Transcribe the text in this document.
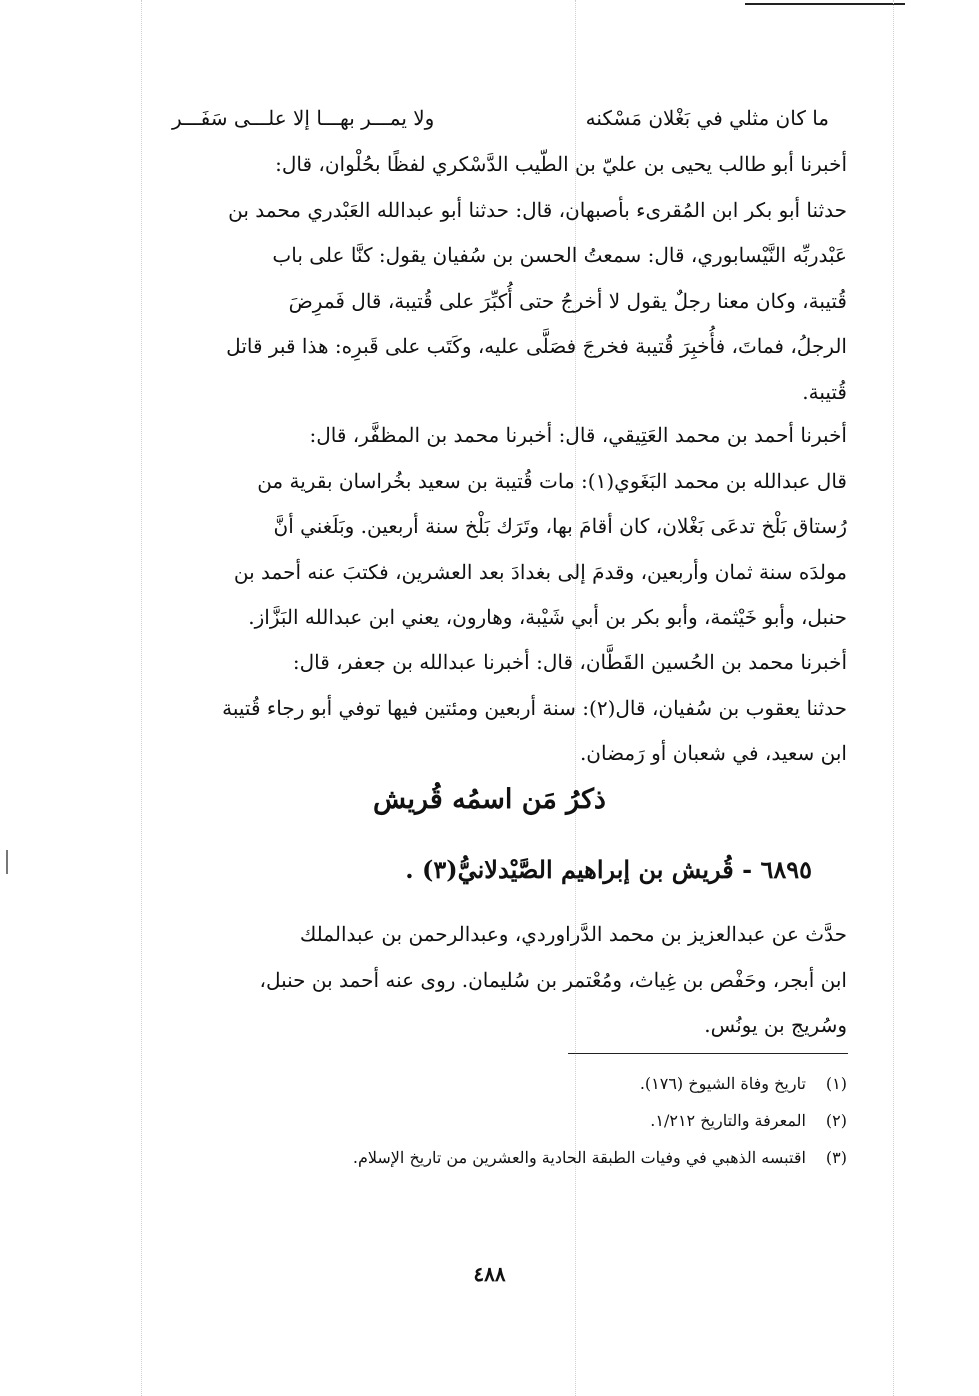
ما كان مثلي في بَغْلان مَسْكنه
ولا يمـــر بهـــا إلا علـــى سَفَـــر
أخبرنا أبو طالب يحيى بن عليّ بن الطّيب الدَّسْكري لفظًا بحُلْوان، قال:
حدثنا أبو بكر ابن المُقرىء بأصبهان، قال: حدثنا أبو عبدالله العَبْدري محمد بن
عَبْدربِّه النَّيْسابوري، قال: سمعتُ الحسن بن سُفيان يقول: كنَّا على باب
قُتيبة، وكان معنا رجلٌ يقول لا أخرجُ حتى أُكبِّرَ على قُتيبة، قال فَمرِضَ
الرجلُ، فماتَ، فأُخبِرَ قُتيبة فخرجَ فصَلَّى عليه، وكَتَب على قَبرِه: هذا قبر قاتل
قُتيبة.
أخبرنا أحمد بن محمد العَتِيقي، قال: أخبرنا محمد بن المظفَّر، قال:
قال عبدالله بن محمد البَغَوي(١): مات قُتيبة بن سعيد بخُراسان بقرية من
رُستاق بَلْخ تدعَى بَغْلان، كان أقامَ بها، وتَرَك بَلْخ سنة أربعين. وبَلَغني أنَّ
مولدَه سنة ثمان وأربعين، وقدمَ إلى بغدادَ بعد العشرين، فكتبَ عنه أحمد بن
حنبل، وأبو خَيْثمة، وأبو بكر بن أبي شَيْبة، وهارون، يعني ابن عبدالله البَزَّاز.
أخبرنا محمد بن الحُسين القَطَّان، قال: أخبرنا عبدالله بن جعفر، قال:
حدثنا يعقوب بن سُفيان، قال(٢): سنة أربعين ومئتين فيها توفي أبو رجاء قُتيبة
ابن سعيد، في شعبان أو رَمضان.
ذكرُ مَن اسمُه قُريش
٦٨٩٥ - قُريش بن إبراهيم الصَّيْدلانيُّ(٣) .
حدَّث عن عبدالعزيز بن محمد الدَّراوردي، وعبدالرحمن بن عبدالملك
ابن أبجر، وحَفْص بن غِياث، ومُعْتمر بن سُليمان. روى عنه أحمد بن حنبل،
وسُريج بن يونُس.
(١) تاريخ وفاة الشيوخ (١٧٦).
(٢) المعرفة والتاريخ ١/٢١٢.
(٣) اقتبسه الذهبي في وفيات الطبقة الحادية والعشرين من تاريخ الإسلام.
٤٨٨
